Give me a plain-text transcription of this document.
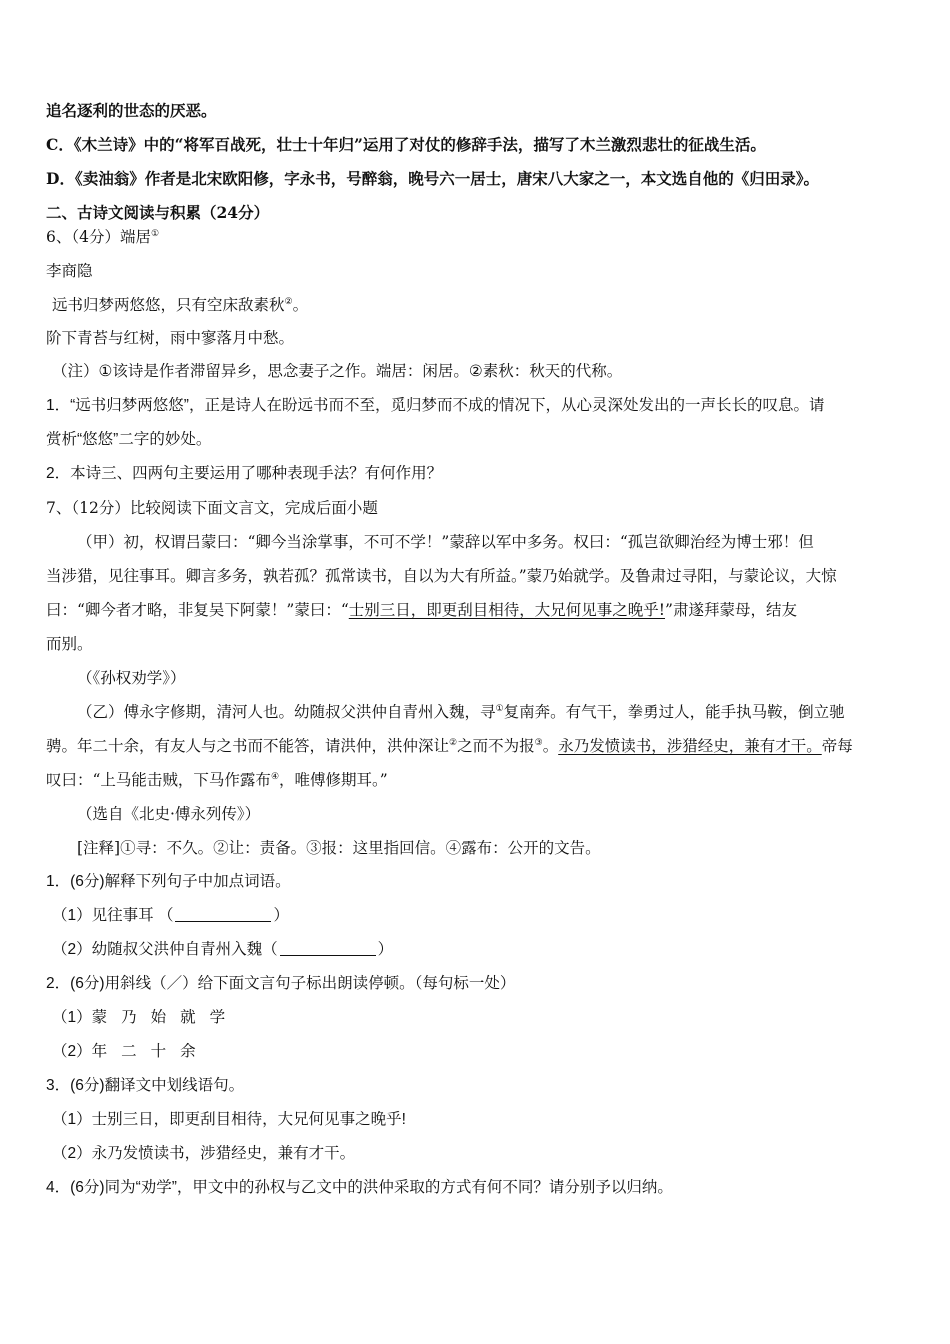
追名逐利的世态的厌恶。
C．《木兰诗》中的“将军百战死，壮士十年归”运用了对仗的修辞手法，描写了木兰激烈悲壮的征战生活。
D．《卖油翁》作者是北宋欧阳修，字永书，号醉翁，晚号六一居士，唐宋八大家之一，本文选自他的《归田录》。
二、古诗文阅读与积累（24分）
6、（4分）端居①
李商隐
远书归梦两悠悠，只有空床敌素秋②。
阶下青苔与红树，雨中寥落月中愁。
（注）①该诗是作者滞留异乡，思念妻子之作。端居：闲居。②素秋：秋天的代称。
1．“远书归梦两悠悠”，正是诗人在盼远书而不至，觅归梦而不成的情况下，从心灵深处发出的一声长长的叹息。请
赏析“悠悠”二字的妙处。
2．本诗三、四两句主要运用了哪种表现手法？有何作用？
7、（12分）比较阅读下面文言文，完成后面小题
（甲）初，权谓吕蒙曰：“卿今当涂掌事，不可不学！”蒙辞以军中多务。权曰：“孤岂欲卿治经为博士邪！但
当涉猎，见往事耳。卿言多务，孰若孤？孤常读书，自以为大有所益。”蒙乃始就学。及鲁肃过寻阳，与蒙论议，大惊
曰：“卿今者才略，非复吴下阿蒙！”蒙曰：“士别三日，即更刮目相待，大兄何见事之晚乎!”肃遂拜蒙母，结友
而别。
（《孙权劝学》）
（乙）傅永字修期，清河人也。幼随叔父洪仲自青州入魏，寻①复南奔。有气干，拳勇过人，能手执马鞍，倒立驰
骋。年二十余，有友人与之书而不能答，请洪仲，洪仲深让②之而不为报③。永乃发愤读书，涉猎经史，兼有才干。帝每
叹曰：“上马能击贼，下马作露布④，唯傅修期耳。”
（选自《北史·傅永列传》）
[注释]①寻：不久。②让：责备。③报：这里指回信。④露布：公开的文告。
1．(6分)解释下列句子中加点词语。
（1）见往事耳 （	）
（2）幼随叔父洪仲自青州入魏（	）
2．(6分)用斜线（／）给下面文言句子标出朗读停顿。（每句标一处）
（1）蒙乃始就学
（2）年二十余
3．(6分)翻译文中划线语句。
（1）士别三日，即更刮目相待，大兄何见事之晚乎!
（2）永乃发愤读书，涉猎经史，兼有才干。
4．(6分)同为“劝学”，甲文中的孙权与乙文中的洪仲采取的方式有何不同？请分别予以归纳。
